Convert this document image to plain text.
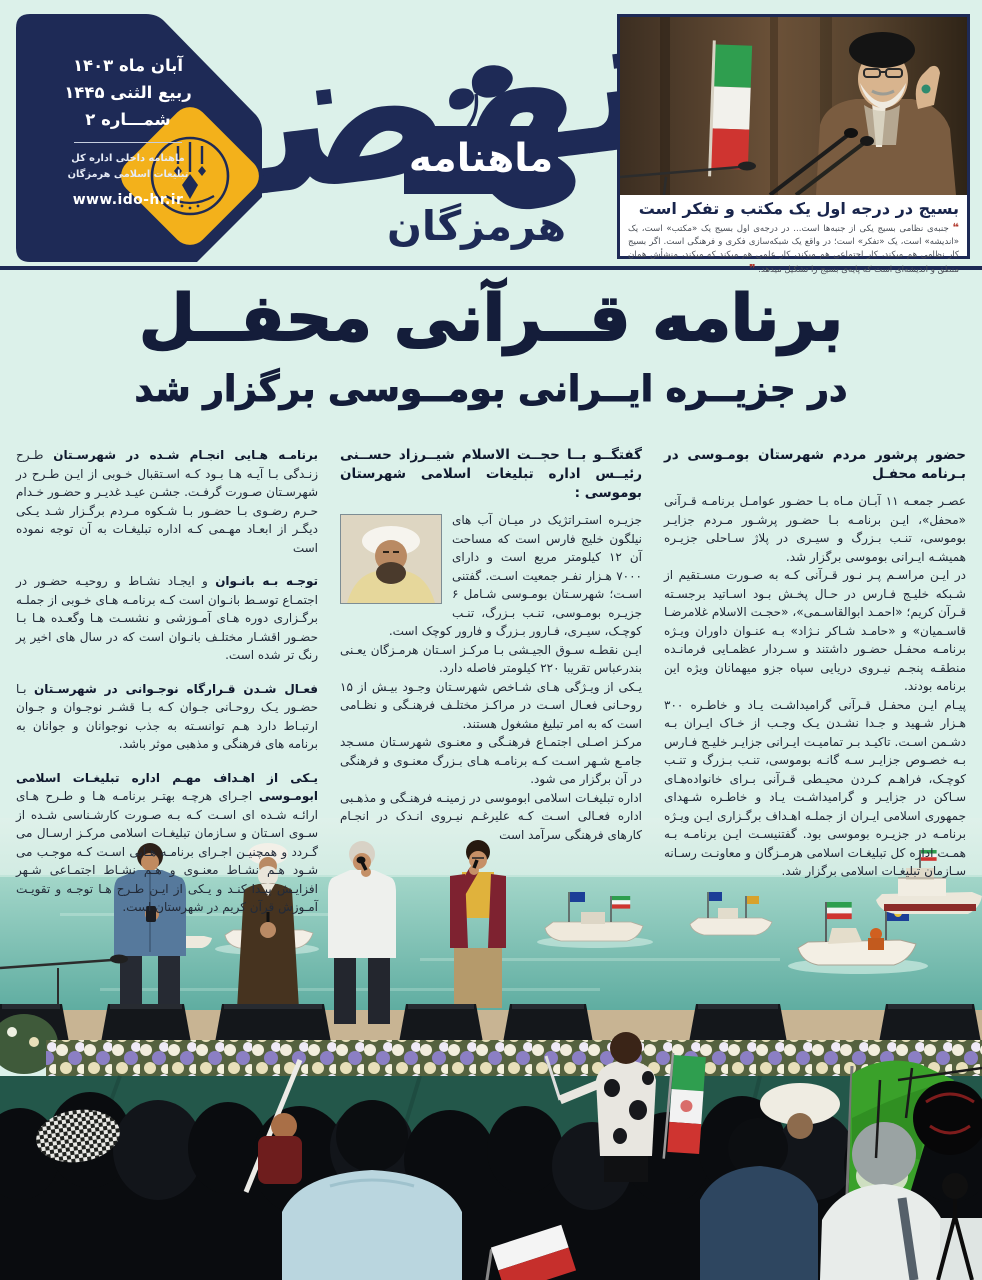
آبان ماه ۱۴۰۳
ربیع الثنی ۱۴۴۵
شمـــاره ۲
ماهنامه داخلی اداره کل
تبلیغات اسلامی هرمزگان
www.ido-hr.ir
ماهنامه
هرمزگان	بسیج در درجه اول یک مکتب و تفکر است
❝ جنبه‌ی نظامی بسیج یکی از جنبه‌ها است... در درجه‌ی اول بسیج یک «مکتب» است، یک «اندیشه» است، یک «تفکر» است؛ در واقع یک شبکه‌سازی فکری و فرهنگی است. اگر بسیج کار نظامی هم میکند، کار اجتماعی هم میکند، کار علمی هم میکند که میکند، منشأش همان منطق و اندیشه‌ای است که پایه‌ی بسیج را تشکیل میدهد. ❞
برنامه قــرآنی محفــل
در جزیــره ایــرانی بومــوسی برگزار شد
حضور پرشور مردم شهرستان بومـوسی در بـرنامه محفـل

عصـر جمعـه ۱۱ آبـان مـاه بـا حضـور عوامـل برنامـه قـرآنی «محفل»، ایـن برنامـه بـا حضـور پرشـور مـردم جزایـر بوموسی، تنـب بـزرگ و سیـری در پلاژ سـاحلی جزیـره همیشـه ایـرانی بوموسی برگزار شد.

در ایـن مراسـم پـر نـور قـرآنی کـه به صـورت مسـتقیم از شـبکه خلیـج فـارس در حـال پخـش بـود اسـاتید برجسـته قـرآن کریم؛ «احمـد ابوالقاسـمی»، «حجـت الاسلام غلامرضـا قاسـمیان» و «حامـد شـاکر نـژاد» بـه عنـوان داوران ویـژه برنامـه محفـل حضـور داشتند و سـردار عظمـایی فرمانـده منطقـه پنجـم نیـروی دریایی سپاه جزو میهمانان ویژه این برنامه بودند.

پیـام ایـن محفـل قـرآنی گرامیداشـت یـاد و خاطـره ۳۰۰ هـزار شـهید و جـدا نشـدن یـک وجـب از خـاک ایـران بـه دشـمن اسـت. تاکیـد بـر تمامیـت ایـرانی جزایـر خلیـج فـارس بـه خصـوص جزایـر سـه گانـه بوموسی، تنـب بـزرگ و تنـب کوچـک، فراهـم کـردن محیـطی قـرآنی بـرای خانواده‌هـای سـاکن در جزایـر و گرامیداشـت یـاد و خاطـره شـهدای جمهوری اسلامی ایـران از جملـه اهـداف برگـزاری ایـن ویـژه برنامـه در جزیـره بوموسی بود. گفتنیسـت ایـن برنامـه بـه همـت اداره کل تبلیغـات اسلامی هرمـزگان و معاونـت رسـانه سـازمان تبلیغـات اسلامی برگزار شد.

گفتگــو بــا حجــت الاسلام شیــرزاد حســنی رئیــس اداره تبلیغات اسلامی شهرستان بوموسی :

جزیـره استـراتژیک در میـان آب های نیلگون خلیج فارس است که مساحت آن ۱۲ کیلومتر مربع است و دارای ۷۰۰۰ هـزار نفـر جمعیت اسـت. گفتنی اسـت؛ شهرسـتان بومـوسی شـامل ۶ جزیـره بومـوسی، تنـب بـزرگ، تنـب کوچـک، سیـری، فـارور بـزرگ و فارور کوچک است.

ایـن نقطـه سـوق الجیـشی بـا مرکـز اسـتان هرمـزگان یعـنی بندرعباس تقریبا ۲۲۰ کیلومتر فاصله دارد.

یـکی از ویـژگی هـای شـاخص شهرسـتان وجـود بیـش از ۱۵ روحـانی فعـال اسـت در مراکـز مختلـف فرهنـگی و نظـامی است که به امر تبلیغ مشغول هستند.

مرکـز اصـلی اجتمـاع فرهنـگی و معنـوی شهرسـتان مسـجد جامـع شـهر اسـت کـه برنامـه هـای بـزرگ معنـوی و فرهنگی در آن برگزار می شود.

اداره تبلیغـات اسلامی ابوموسی در زمینـه فرهنـگی و مذهـبی اداره فعـالی اسـت کـه علیرغـم نیـروی انـدک در انجـام کارهای فرهنگی سرآمد است

برنامـه هـایی انجـام شـده در شهرسـتان طـرح زنـدگی بـا آیـه هـا بـود کـه اسـتقبال خـوبی از ایـن طـرح در شهرسـتان صـورت گرفـت. جشـن عیـد غدیـر و حضـور خـدام حـرم رضـوی بـا حضـور بـا شـکوه مـردم برگـزار شـد یـکی دیگـر از ابعـاد مهـمی کـه اداره تبلیغـات به آن توجه نموده است

توجـه بـه بانـوان و ایجـاد نشـاط و روحیـه حضـور در اجتمـاع توسـط بانـوان است کـه برنامـه هـای خـوبی از جملـه برگـزاری دوره هـای آمـوزشی و نشسـت هـا وگعـده هـا بـا حضـور اقشـار مختلـف بانـوان است که در سال های اخیر پر رنگ تر شده است.

فعـال شـدن قـرارگاه نوجـوانی در شهرسـتان بـا حضـور یـک روحـانی جـوان کـه بـا قشـر نوجـوان و جـوان ارتبـاط دارد هـم توانسـته به جذب نوجوانان و جوانان به برنامه های فرهنگی و مذهبی موثر باشد.

یـکی از اهـداف مهـم اداره تبلیغـات اسلامی ابومـوسی اجـرای هرچـه بهتـر برنامـه هـا و طـرح هـای ارائـه شـده ای اسـت کـه بـه صـورت کارشـناسی شـده از سـوی اسـتان و سـازمان تبلیغـات اسلامی مرکـز ارسـال می گـردد و همچنیـن اجـرای برنامـه هـایی اسـت کـه موجـب می شـود هـم نشـاط معنـوی و هـم نشـاط اجتمـاعی شـهر افزایـش پیـدا کنـد و یـکی از ایـن طـرح هـا توجـه و تقویـت آمـوزش قرآن کریم در شهرستان است.
